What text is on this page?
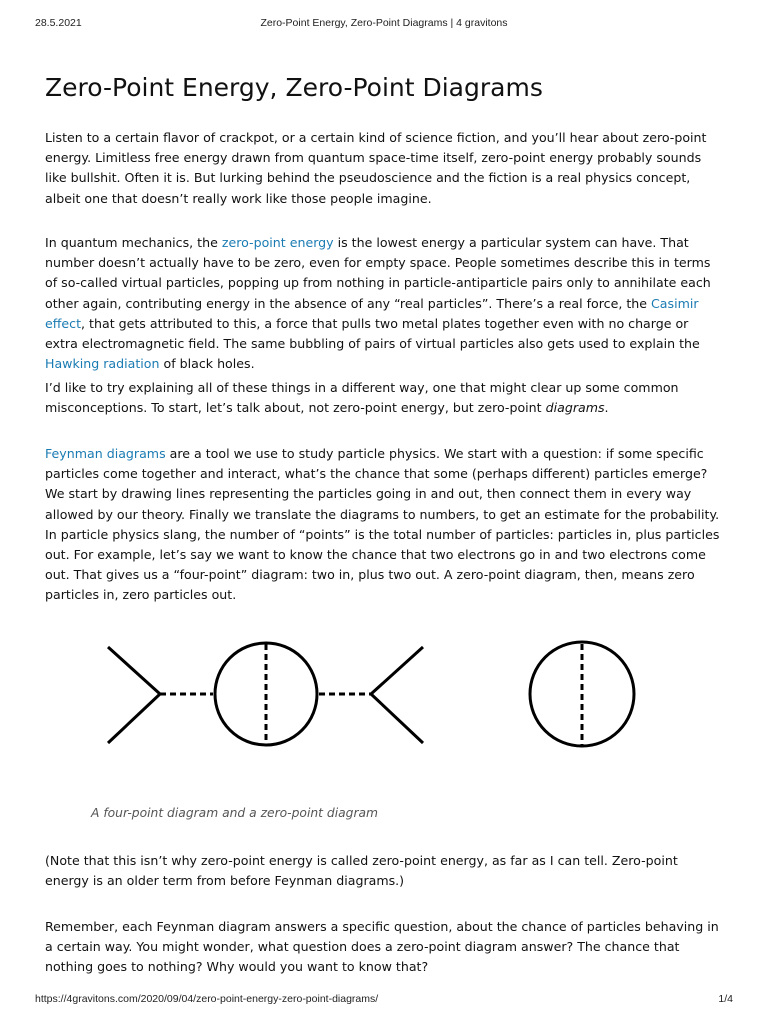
28.5.2021	Zero-Point Energy, Zero-Point Diagrams | 4 gravitons
Zero-Point Energy, Zero-Point Diagrams

Listen to a certain flavor of crackpot, or a certain kind of science fiction, and you’ll hear about zero-point energy. Limitless free energy drawn from quantum space-time itself, zero-point energy probably sounds like bullshit. Often it is. But lurking behind the pseudoscience and the fiction is a real physics concept, albeit one that doesn’t really work like those people imagine.

In quantum mechanics, the zero-point energy is the lowest energy a particular system can have. That number doesn’t actually have to be zero, even for empty space. People sometimes describe this in terms of so-called virtual particles, popping up from nothing in particle-antiparticle pairs only to annihilate each other again, contributing energy in the absence of any “real particles”. There’s a real force, the Casimir effect, that gets attributed to this, a force that pulls two metal plates together even with no charge or extra electromagnetic field. The same bubbling of pairs of virtual particles also gets used to explain the Hawking radiation of black holes.

I’d like to try explaining all of these things in a different way, one that might clear up some common misconceptions. To start, let’s talk about, not zero-point energy, but zero-point diagrams.

Feynman diagrams are a tool we use to study particle physics. We start with a question: if some specific particles come together and interact, what’s the chance that some (perhaps different) particles emerge? We start by drawing lines representing the particles going in and out, then connect them in every way allowed by our theory. Finally we translate the diagrams to numbers, to get an estimate for the probability. In particle physics slang, the number of “points” is the total number of particles: particles in, plus particles out. For example, let’s say we want to know the chance that two electrons go in and two electrons come out. That gives us a “four-point” diagram: two in, plus two out. A zero-point diagram, then, means zero particles in, zero particles out.

A four-point diagram and a zero-point diagram

(Note that this isn’t why zero-point energy is called zero-point energy, as far as I can tell. Zero-point energy is an older term from before Feynman diagrams.)

Remember, each Feynman diagram answers a specific question, about the chance of particles behaving in a certain way. You might wonder, what question does a zero-point diagram answer? The chance that nothing goes to nothing? Why would you want to know that?

https://4gravitons.com/2020/09/04/zero-point-energy-zero-point-diagrams/	1/4
